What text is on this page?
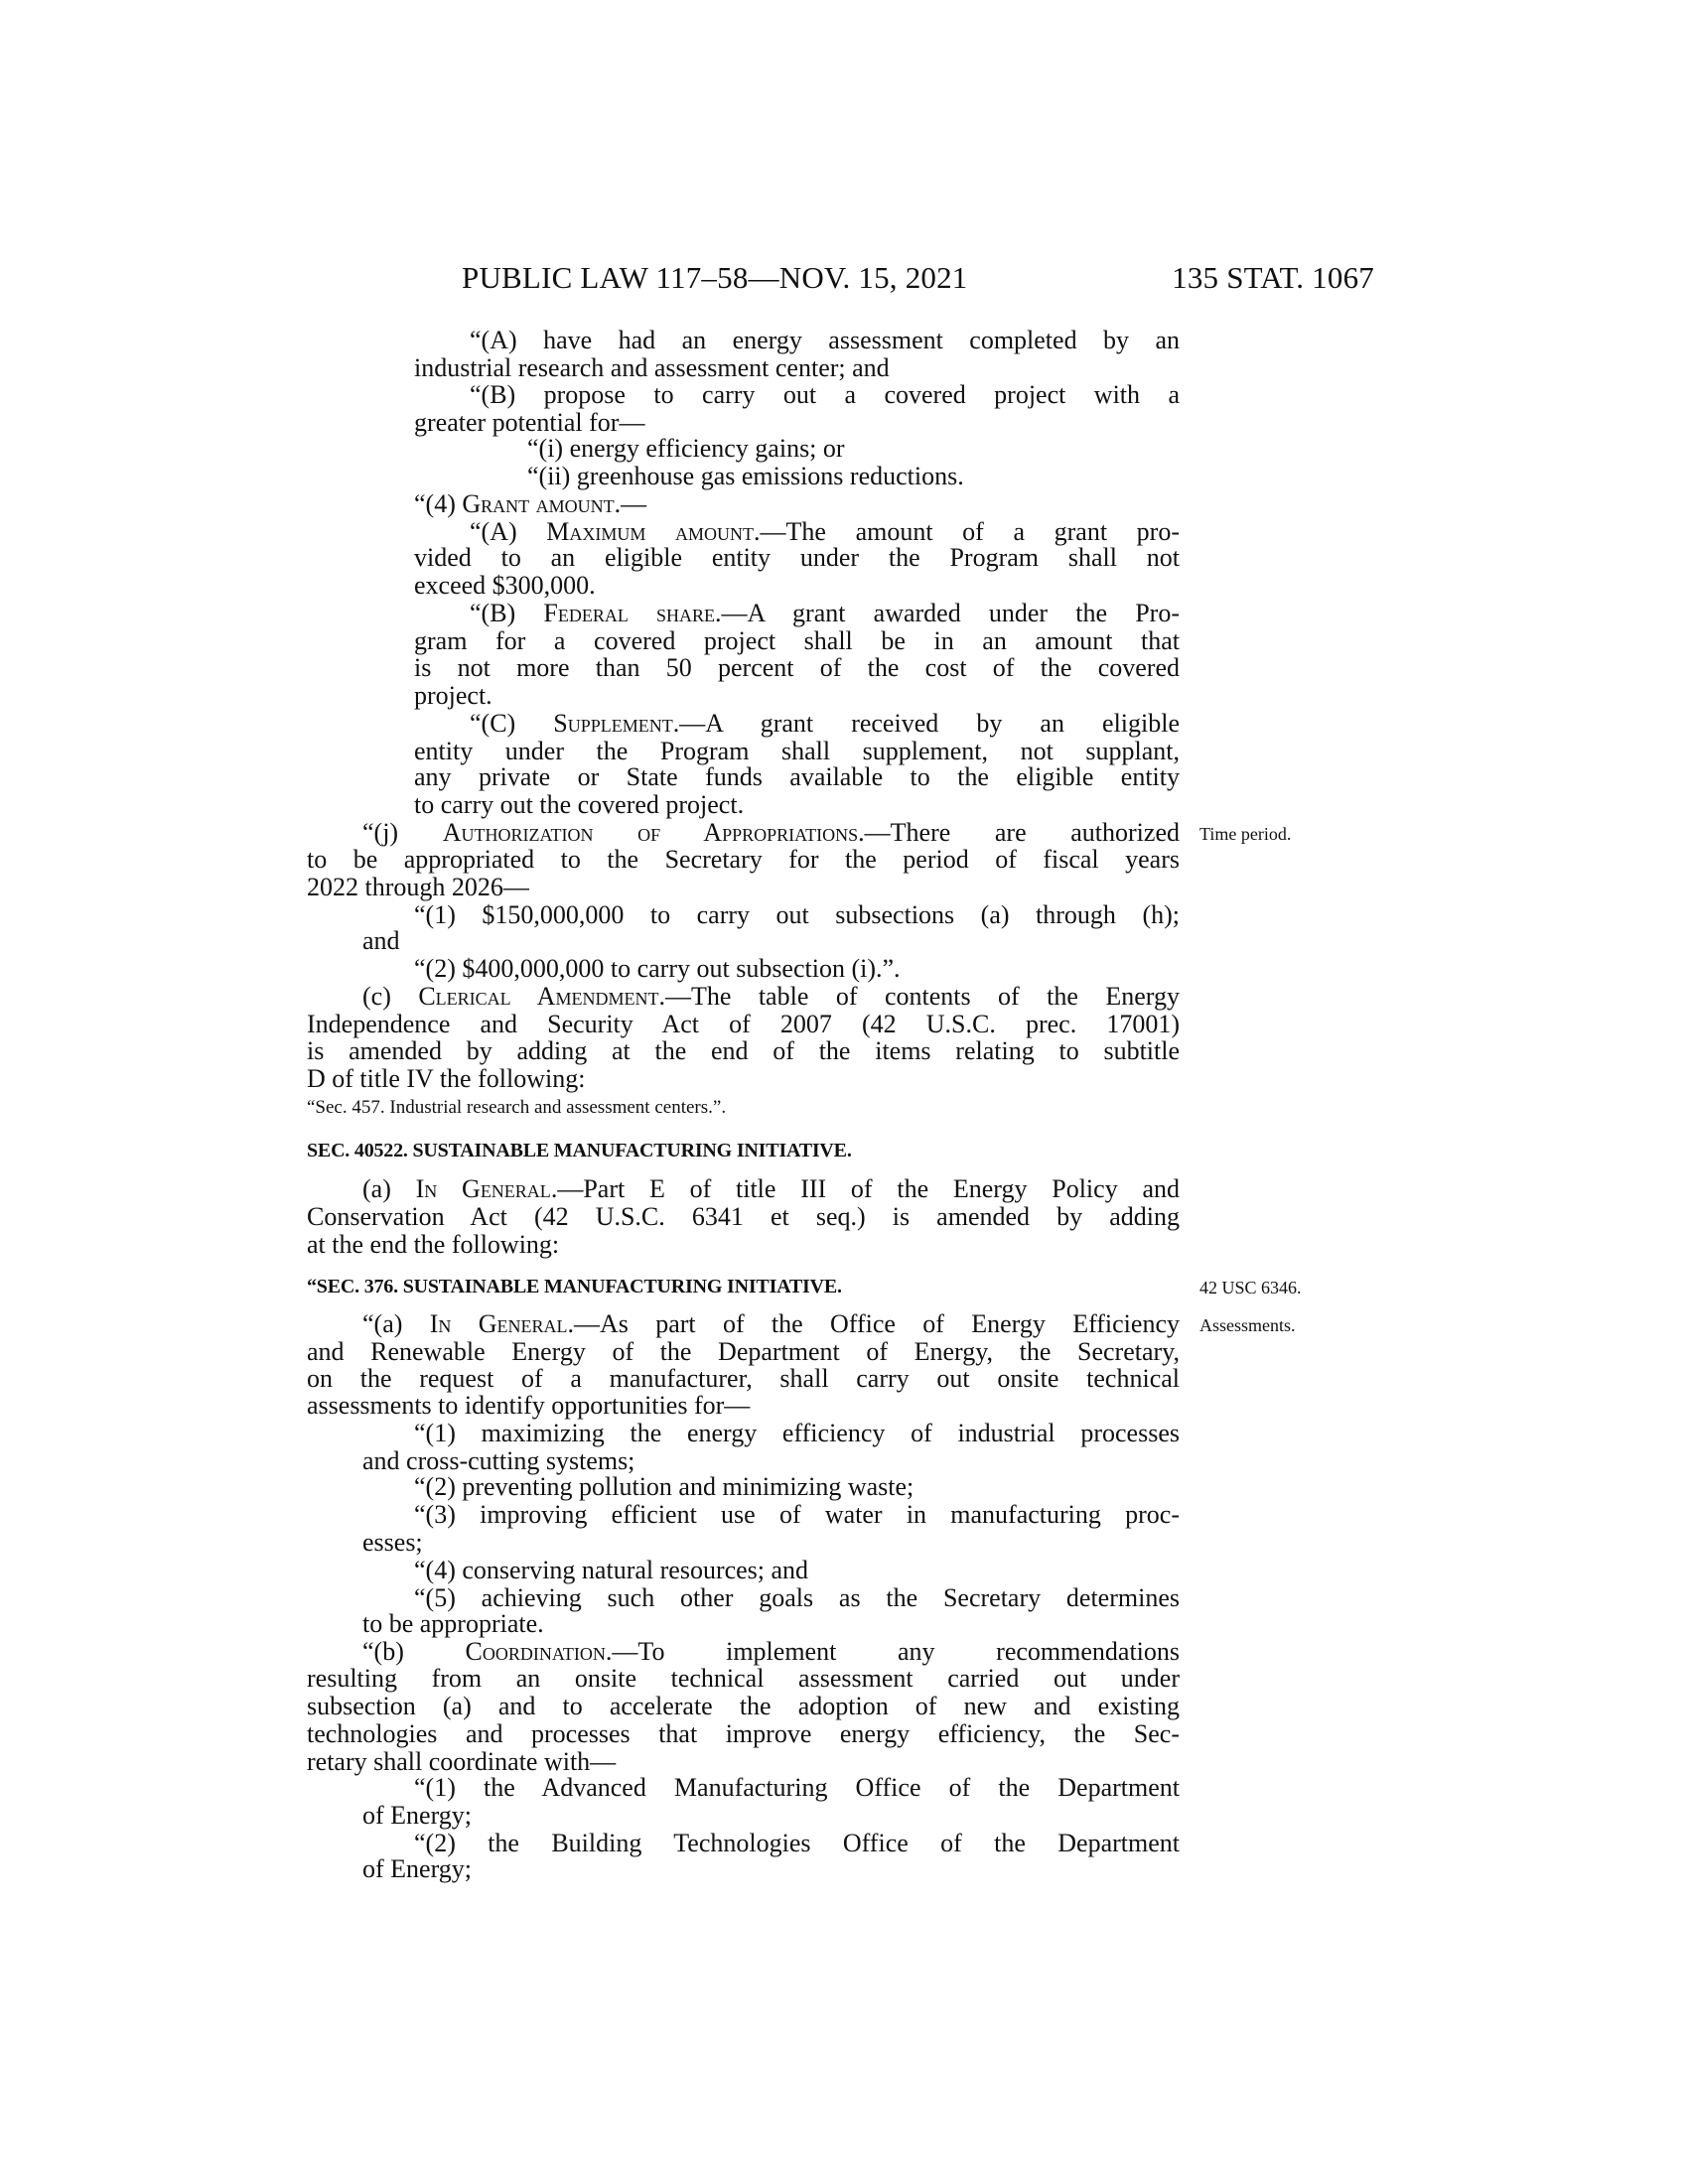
PUBLIC LAW 117–58—NOV. 15, 2021	135 STAT. 1067
“(A) have had an energy assessment completed by an
industrial research and assessment center; and
“(B) propose to carry out a covered project with a
greater potential for—
“(i) energy efficiency gains; or
“(ii) greenhouse gas emissions reductions.
“(4) Grant amount.—
“(A) Maximum amount.—The amount of a grant pro-
vided to an eligible entity under the Program shall not
exceed $300,000.
“(B) Federal share.—A grant awarded under the Pro-
gram for a covered project shall be in an amount that
is not more than 50 percent of the cost of the covered
project.
“(C) Supplement.—A grant received by an eligible
entity under the Program shall supplement, not supplant,
any private or State funds available to the eligible entity
to carry out the covered project.
“(j) Authorization of Appropriations.—There are authorized
to be appropriated to the Secretary for the period of fiscal years
2022 through 2026—
“(1) $150,000,000 to carry out subsections (a) through (h);
and
“(2) $400,000,000 to carry out subsection (i).”.
(c) Clerical Amendment.—The table of contents of the Energy
Independence and Security Act of 2007 (42 U.S.C. prec. 17001)
is amended by adding at the end of the items relating to subtitle
D of title IV the following:
“Sec. 457. Industrial research and assessment centers.”.
SEC. 40522. SUSTAINABLE MANUFACTURING INITIATIVE.
(a) In General.—Part E of title III of the Energy Policy and
Conservation Act (42 U.S.C. 6341 et seq.) is amended by adding
at the end the following:
“SEC. 376. SUSTAINABLE MANUFACTURING INITIATIVE.
“(a) In General.—As part of the Office of Energy Efficiency
and Renewable Energy of the Department of Energy, the Secretary,
on the request of a manufacturer, shall carry out onsite technical
assessments to identify opportunities for—
“(1) maximizing the energy efficiency of industrial processes
and cross-cutting systems;
“(2) preventing pollution and minimizing waste;
“(3) improving efficient use of water in manufacturing proc-
esses;
“(4) conserving natural resources; and
“(5) achieving such other goals as the Secretary determines
to be appropriate.
“(b) Coordination.—To implement any recommendations
resulting from an onsite technical assessment carried out under
subsection (a) and to accelerate the adoption of new and existing
technologies and processes that improve energy efficiency, the Sec-
retary shall coordinate with—
“(1) the Advanced Manufacturing Office of the Department
of Energy;
“(2) the Building Technologies Office of the Department
of Energy;
Time period.
42 USC 6346.
Assessments.
